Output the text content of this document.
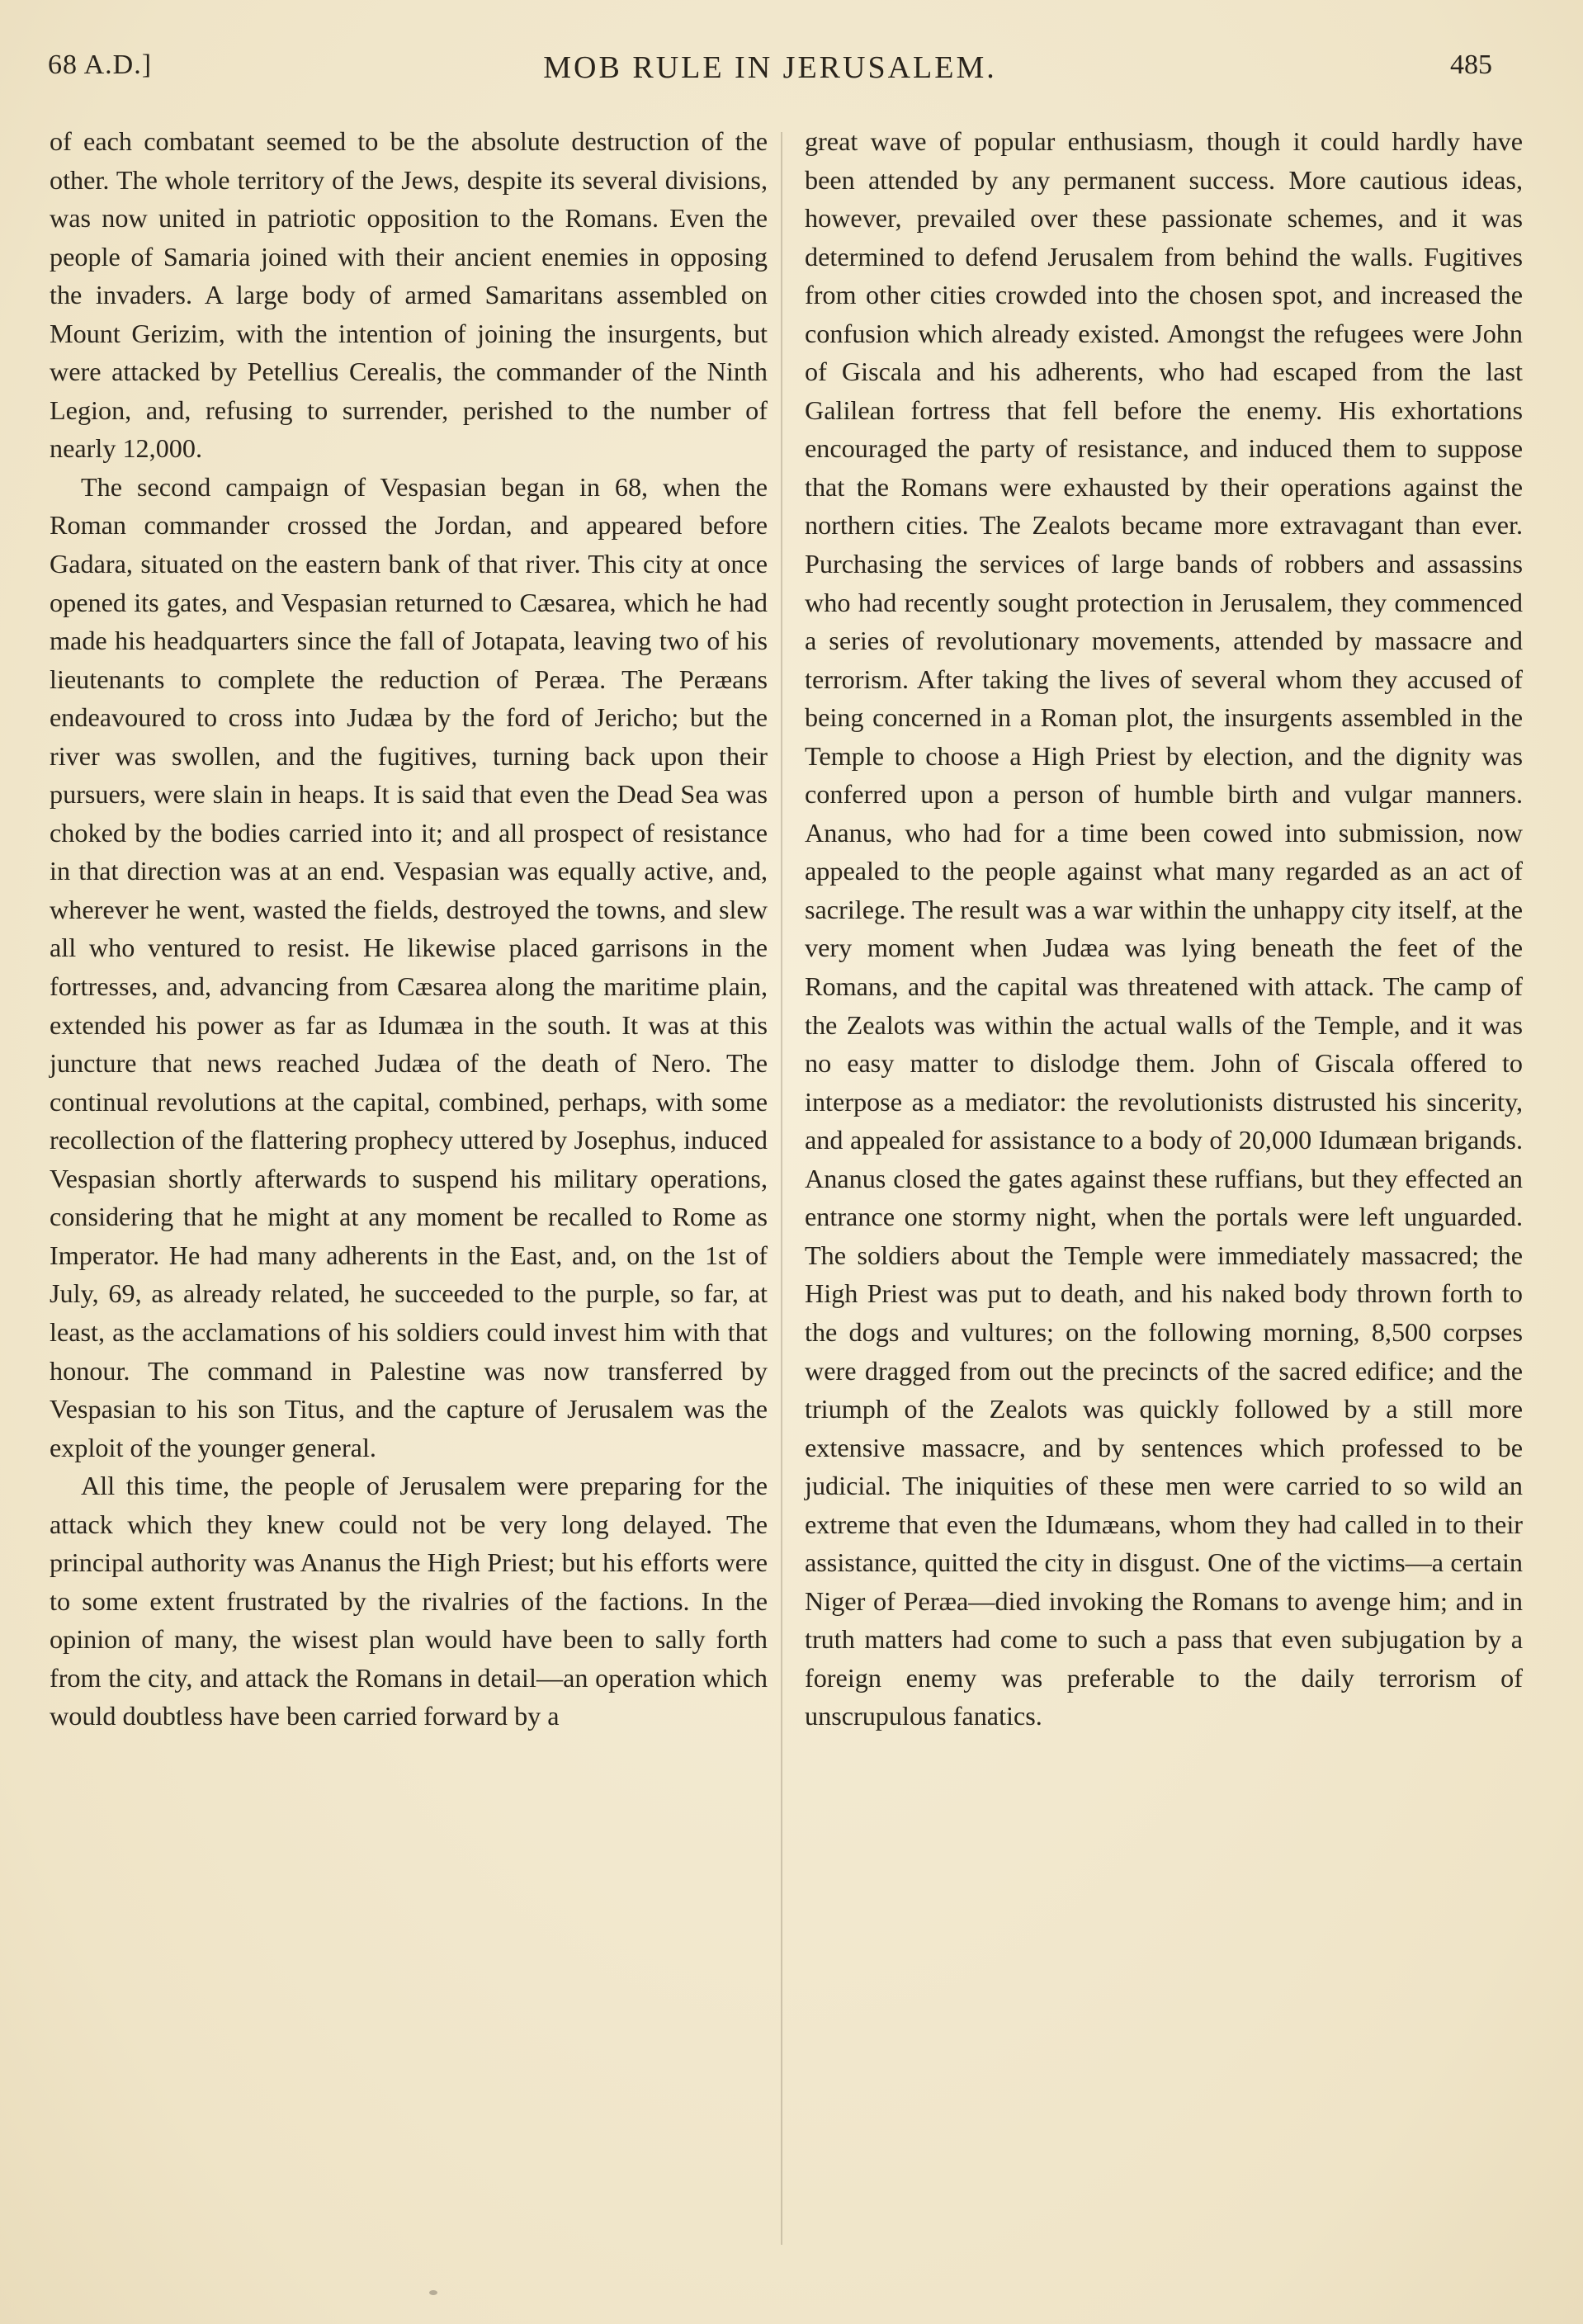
68 A.D.]	MOB RULE IN JERUSALEM.	485

of each combatant seemed to be the absolute destruction of the other. The whole territory of the Jews, despite its several divisions, was now united in patriotic opposition to the Romans. Even the people of Samaria joined with their ancient enemies in opposing the invaders. A large body of armed Samaritans assembled on Mount Gerizim, with the intention of joining the insurgents, but were attacked by Petellius Cerealis, the commander of the Ninth Legion, and, refusing to surrender, perished to the number of nearly 12,000.

The second campaign of Vespasian began in 68, when the Roman commander crossed the Jordan, and appeared before Gadara, situated on the eastern bank of that river. This city at once opened its gates, and Vespasian returned to Cæsarea, which he had made his headquarters since the fall of Jotapata, leaving two of his lieutenants to complete the reduction of Peræa. The Peræans endeavoured to cross into Judæa by the ford of Jericho; but the river was swollen, and the fugitives, turning back upon their pursuers, were slain in heaps. It is said that even the Dead Sea was choked by the bodies carried into it; and all prospect of resistance in that direction was at an end. Vespasian was equally active, and, wherever he went, wasted the fields, destroyed the towns, and slew all who ventured to resist. He likewise placed garrisons in the fortresses, and, advancing from Cæsarea along the maritime plain, extended his power as far as Idumæa in the south. It was at this juncture that news reached Judæa of the death of Nero. The continual revolutions at the capital, combined, perhaps, with some recollection of the flattering prophecy uttered by Josephus, induced Vespasian shortly afterwards to suspend his military operations, considering that he might at any moment be recalled to Rome as Imperator. He had many adherents in the East, and, on the 1st of July, 69, as already related, he succeeded to the purple, so far, at least, as the acclamations of his soldiers could invest him with that honour. The command in Palestine was now transferred by Vespasian to his son Titus, and the capture of Jerusalem was the exploit of the younger general.

All this time, the people of Jerusalem were preparing for the attack which they knew could not be very long delayed. The principal authority was Ananus the High Priest; but his efforts were to some extent frustrated by the rivalries of the factions. In the opinion of many, the wisest plan would have been to sally forth from the city, and attack the Romans in detail—an operation which would doubtless have been carried forward by a

great wave of popular enthusiasm, though it could hardly have been attended by any permanent success. More cautious ideas, however, prevailed over these passionate schemes, and it was determined to defend Jerusalem from behind the walls. Fugitives from other cities crowded into the chosen spot, and increased the confusion which already existed. Amongst the refugees were John of Giscala and his adherents, who had escaped from the last Galilean fortress that fell before the enemy. His exhortations encouraged the party of resistance, and induced them to suppose that the Romans were exhausted by their operations against the northern cities. The Zealots became more extravagant than ever. Purchasing the services of large bands of robbers and assassins who had recently sought protection in Jerusalem, they commenced a series of revolutionary movements, attended by massacre and terrorism. After taking the lives of several whom they accused of being concerned in a Roman plot, the insurgents assembled in the Temple to choose a High Priest by election, and the dignity was conferred upon a person of humble birth and vulgar manners. Ananus, who had for a time been cowed into submission, now appealed to the people against what many regarded as an act of sacrilege. The result was a war within the unhappy city itself, at the very moment when Judæa was lying beneath the feet of the Romans, and the capital was threatened with attack. The camp of the Zealots was within the actual walls of the Temple, and it was no easy matter to dislodge them. John of Giscala offered to interpose as a mediator: the revolutionists distrusted his sincerity, and appealed for assistance to a body of 20,000 Idumæan brigands. Ananus closed the gates against these ruffians, but they effected an entrance one stormy night, when the portals were left unguarded. The soldiers about the Temple were immediately massacred; the High Priest was put to death, and his naked body thrown forth to the dogs and vultures; on the following morning, 8,500 corpses were dragged from out the precincts of the sacred edifice; and the triumph of the Zealots was quickly followed by a still more extensive massacre, and by sentences which professed to be judicial. The iniquities of these men were carried to so wild an extreme that even the Idumæans, whom they had called in to their assistance, quitted the city in disgust. One of the victims—a certain Niger of Peræa—died invoking the Romans to avenge him; and in truth matters had come to such a pass that even subjugation by a foreign enemy was preferable to the daily terrorism of unscrupulous fanatics.
